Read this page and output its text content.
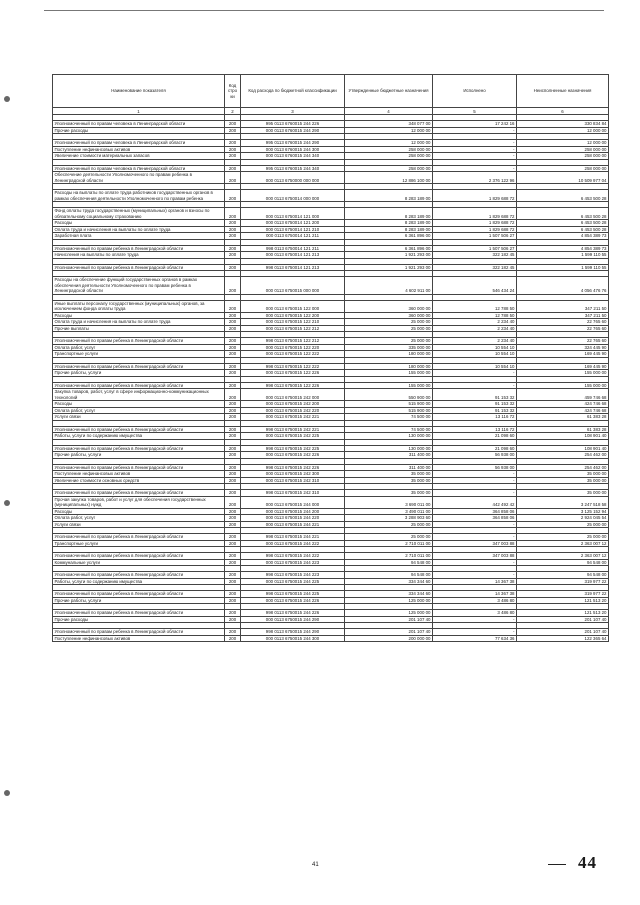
Наименование показателя	Код стро ки	Код расхода по бюджетной классификации	Утвержденные бюджетные назначения	Исполнено	Неисполненные назначения
1	2	3	4	5	6

Уполномоченный по правам человека в Ленинградской области	200	995 0113 6760015 244 226	348 077 00	17 242 16	330 834 84
Прочие расходы	200	000 0113 6760015 244 290	12 000 00	-	12 000 00

Уполномоченный по правам человека в Ленинградской области	200	995 0113 6760015 244 290	12 000 00	-	12 000 00
Поступление нефинансовых активов	200	000 0113 6760015 244 300	258 000 00	-	258 000 00
Увеличение стоимости материальных запасов	200	000 0113 6760015 244 340	258 000 00	-	258 000 00

Уполномоченный по правам человека в Ленинградской области	200	995 0113 6760015 244 340	258 000 00	-	258 000 00
Обеспечение деятельности Уполномоченного по правам ребенка в Ленинградской области	200	000 0113 6750000 000 000	12 886 100 00	2 376 122 96	10 509 977 04

Расходы на выплаты по оплате труда работников государственных органов в рамках обеспечения деятельности Уполномоченного по правам ребенка	200	000 0113 6750014 000 000	8 283 189 00	1 829 688 72	6 453 500 28

Фонд оплаты труда государственных (муниципальных) органов и взносы по обязательному социальному страхованию	200	000 0113 6750014 121 000	8 283 189 00	1 829 688 72	6 453 500 28
Расходы	200	000 0113 6750014 121 200	8 283 189 00	1 829 688 72	6 453 500 28
Оплата труда и начисления на выплаты по оплате труда	200	000 0113 6750014 121 210	8 283 189 00	1 829 688 72	6 453 500 28
Заработная плата	200	000 0113 6750014 121 211	6 361 896 00	1 507 506 27	4 854 389 73

Уполномоченный по правам ребенка в Ленинградской области	200	998 0113 6750014 121 211	6 361 896 00	1 507 506 27	4 854 389 73
Начисления на выплаты по оплате труда	200	000 0113 6750014 121 213	1 921 293 00	322 182 45	1 599 110 55

Уполномоченный по правам ребенка в Ленинградской области	200	998 0113 6750014 121 213	1 921 293 00	322 182 45	1 599 110 55

Расходы на обеспечение функций государственных органов в рамках обеспечения деятельности Уполномоченного по правам ребенка в Ленинградской области	200	000 0113 6750015 000 000	4 602 911 00	546 434 24	4 056 476 76

Иные выплаты персоналу государственных (муниципальных) органов, за исключением фонда оплаты труда	200	000 0113 6750015 122 000	360 000 00	12 788 50	347 211 50
Расходы	200	000 0113 6750015 122 200	360 000 00	12 788 50	347 211 50
Оплата труда и начисления на выплаты по оплате труда	200	000 0113 6750015 122 210	25 000 00	2 234 40	22 765 60
Прочие выплаты	200	000 0113 6750015 122 212	25 000 00	2 234 40	22 765 60

Уполномоченный по правам ребенка в Ленинградской области	200	998 0113 6750015 122 212	25 000 00	2 234 40	22 765 60
Оплата работ, услуг	200	000 0113 6750015 122 220	335 000 00	10 554 10	324 445 90
Транспортные услуги	200	000 0113 6750015 122 222	180 000 00	10 554 10	169 445 90

Уполномоченный по правам ребенка в Ленинградской области	200	998 0113 6750015 122 222	180 000 00	10 554 10	169 445 90
Прочие работы, услуги	200	000 0113 6750015 122 226	155 000 00	-	155 000 00

Уполномоченный по правам ребенка в Ленинградской области	200	998 0113 6750015 122 226	155 000 00	-	155 000 00
Закупка товаров, работ, услуг в сфере информационно-коммуникационных технологий	200	000 0113 6750015 242 000	550 900 00	91 153 32	459 746 68
Расходы	200	000 0113 6750015 242 200	515 900 00	91 153 32	424 746 68
Оплата работ, услуг	200	000 0113 6750015 242 220	515 900 00	91 153 32	424 746 68
Услуги связи	200	000 0113 6750015 242 221	74 500 00	13 116 72	61 383 28

Уполномоченный по правам ребенка в Ленинградской области	200	998 0113 6750015 242 221	74 500 00	13 116 72	61 383 28
Работы, услуги по содержанию имущества	200	000 0113 6750015 242 225	130 000 00	21 098 60	108 901 40

Уполномоченный по правам ребенка в Ленинградской области	200	998 0113 6750015 242 225	130 000 00	21 098 60	108 901 40
Прочие работы, услуги	200	000 0113 6750015 242 226	311 400 00	56 938 00	254 462 00

Уполномоченный по правам ребенка в Ленинградской области	200	998 0113 6750015 242 226	311 400 00	56 938 00	254 462 00
Поступление нефинансовых активов	200	000 0113 6750015 242 300	35 000 00	-	35 000 00
Увеличение стоимости основных средств	200	000 0113 6750015 242 310	35 000 00	-	35 000 00

Уполномоченный по правам ребенка в Ленинградской области	200	998 0113 6750015 242 310	35 000 00	-	35 000 00
Прочая закупка товаров, работ и услуг для обеспечения государственных (муниципальных) нужд	200	000 0113 6750015 244 000	3 690 011 00	442 492 42	3 247 518 58
Расходы	200	000 0113 6750015 244 200	3 490 011 00	364 858 06	3 125 152 94
Оплата работ, услуг	200	000 0113 6750015 244 220	3 288 903 60	364 858 06	2 924 045 54
Услуги связи	200	000 0113 6750015 244 221	25 000 00	-	25 000 00

Уполномоченный по правам ребенка в Ленинградской области	200	998 0113 6750015 244 221	25 000 00	-	25 000 00
Транспортные услуги	200	000 0113 6750015 244 222	2 710 011 00	347 003 88	2 363 007 12

Уполномоченный по правам ребенка в Ленинградской области	200	998 0113 6750015 244 222	2 710 011 00	347 003 88	2 363 007 12
Коммунальные услуги	200	000 0113 6750015 244 223	94 548 00	-	94 548 00

Уполномоченный по правам ребенка в Ленинградской области	200	998 0113 6750015 244 223	94 548 00	-	94 548 00
Работы, услуги по содержанию имущества	200	000 0113 6750015 244 225	334 344 60	14 367 38	319 977 22

Уполномоченный по правам ребенка в Ленинградской области	200	998 0113 6750015 244 225	334 344 60	14 367 38	319 977 22
Прочие работы, услуги	200	000 0113 6750015 244 226	125 000 00	3 486 80	121 513 20

Уполномоченный по правам ребенка в Ленинградской области	200	998 0113 6750015 244 226	125 000 00	3 486 80	121 513 20
Прочие расходы	200	000 0113 6750015 244 290	201 107 40	-	201 107 40

Уполномоченный по правам ребенка в Ленинградской области	200	998 0113 6750015 244 290	201 107 40	-	201 107 40
Поступление нефинансовых активов	200	000 0113 6750015 244 300	200 000 00	77 634 36	122 365 64
41	44
